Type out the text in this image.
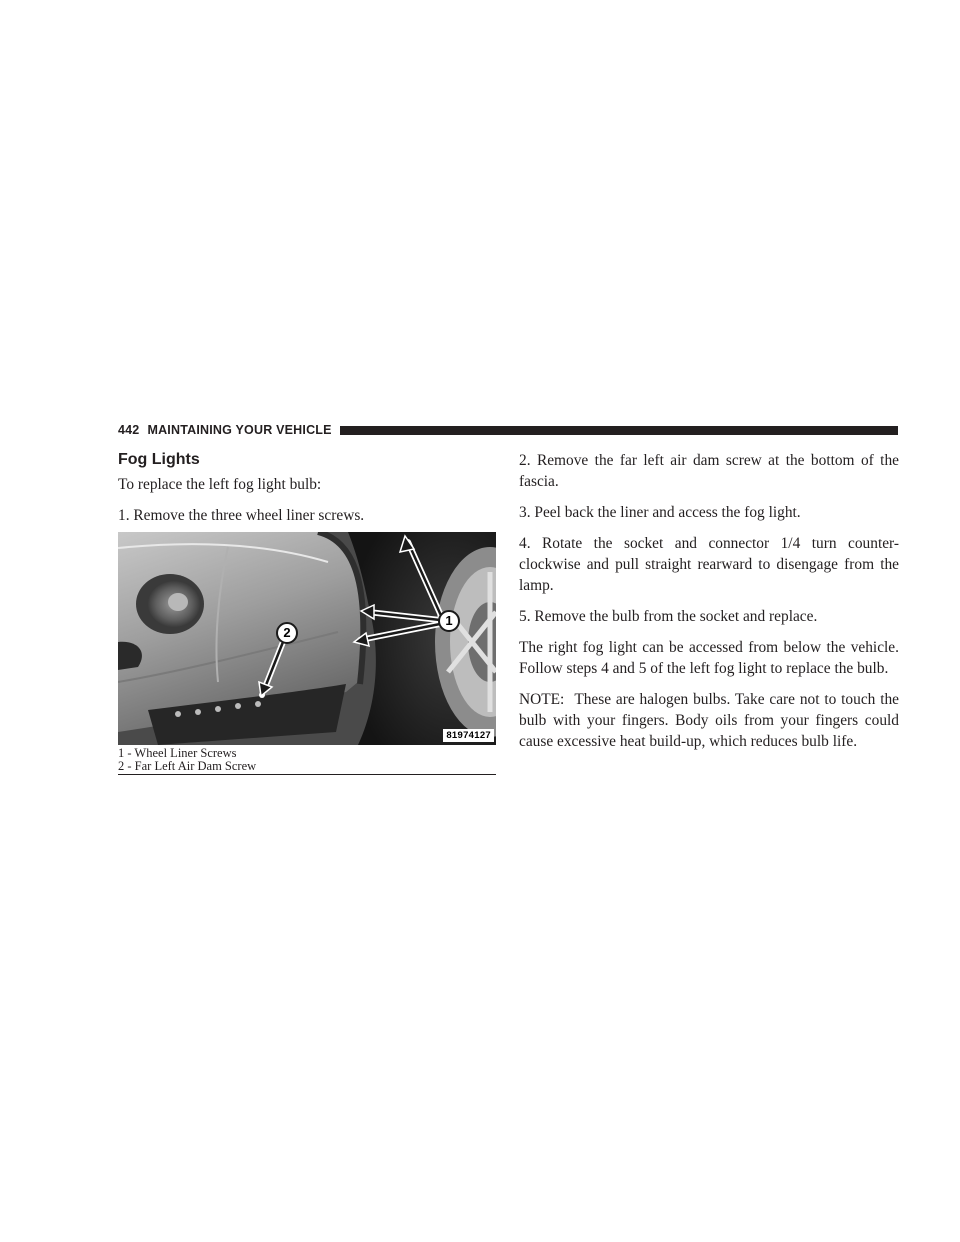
442 MAINTAINING YOUR VEHICLE
Fog Lights

To replace the left fog light bulb:

1. Remove the three wheel liner screws.

1
2
81974127
1 - Wheel Liner Screws
2 - Far Left Air Dam Screw

2. Remove the far left air dam screw at the bottom of the fascia.

3. Peel back the liner and access the fog light.

4. Rotate the socket and connector 1/4 turn counter-clockwise and pull straight rearward to disengage from the lamp.

5. Remove the bulb from the socket and replace.

The right fog light can be accessed from below the vehicle. Follow steps 4 and 5 of the left fog light to replace the bulb.

NOTE: These are halogen bulbs. Take care not to touch the bulb with your fingers. Body oils from your fingers could cause excessive heat build-up, which reduces bulb life.
